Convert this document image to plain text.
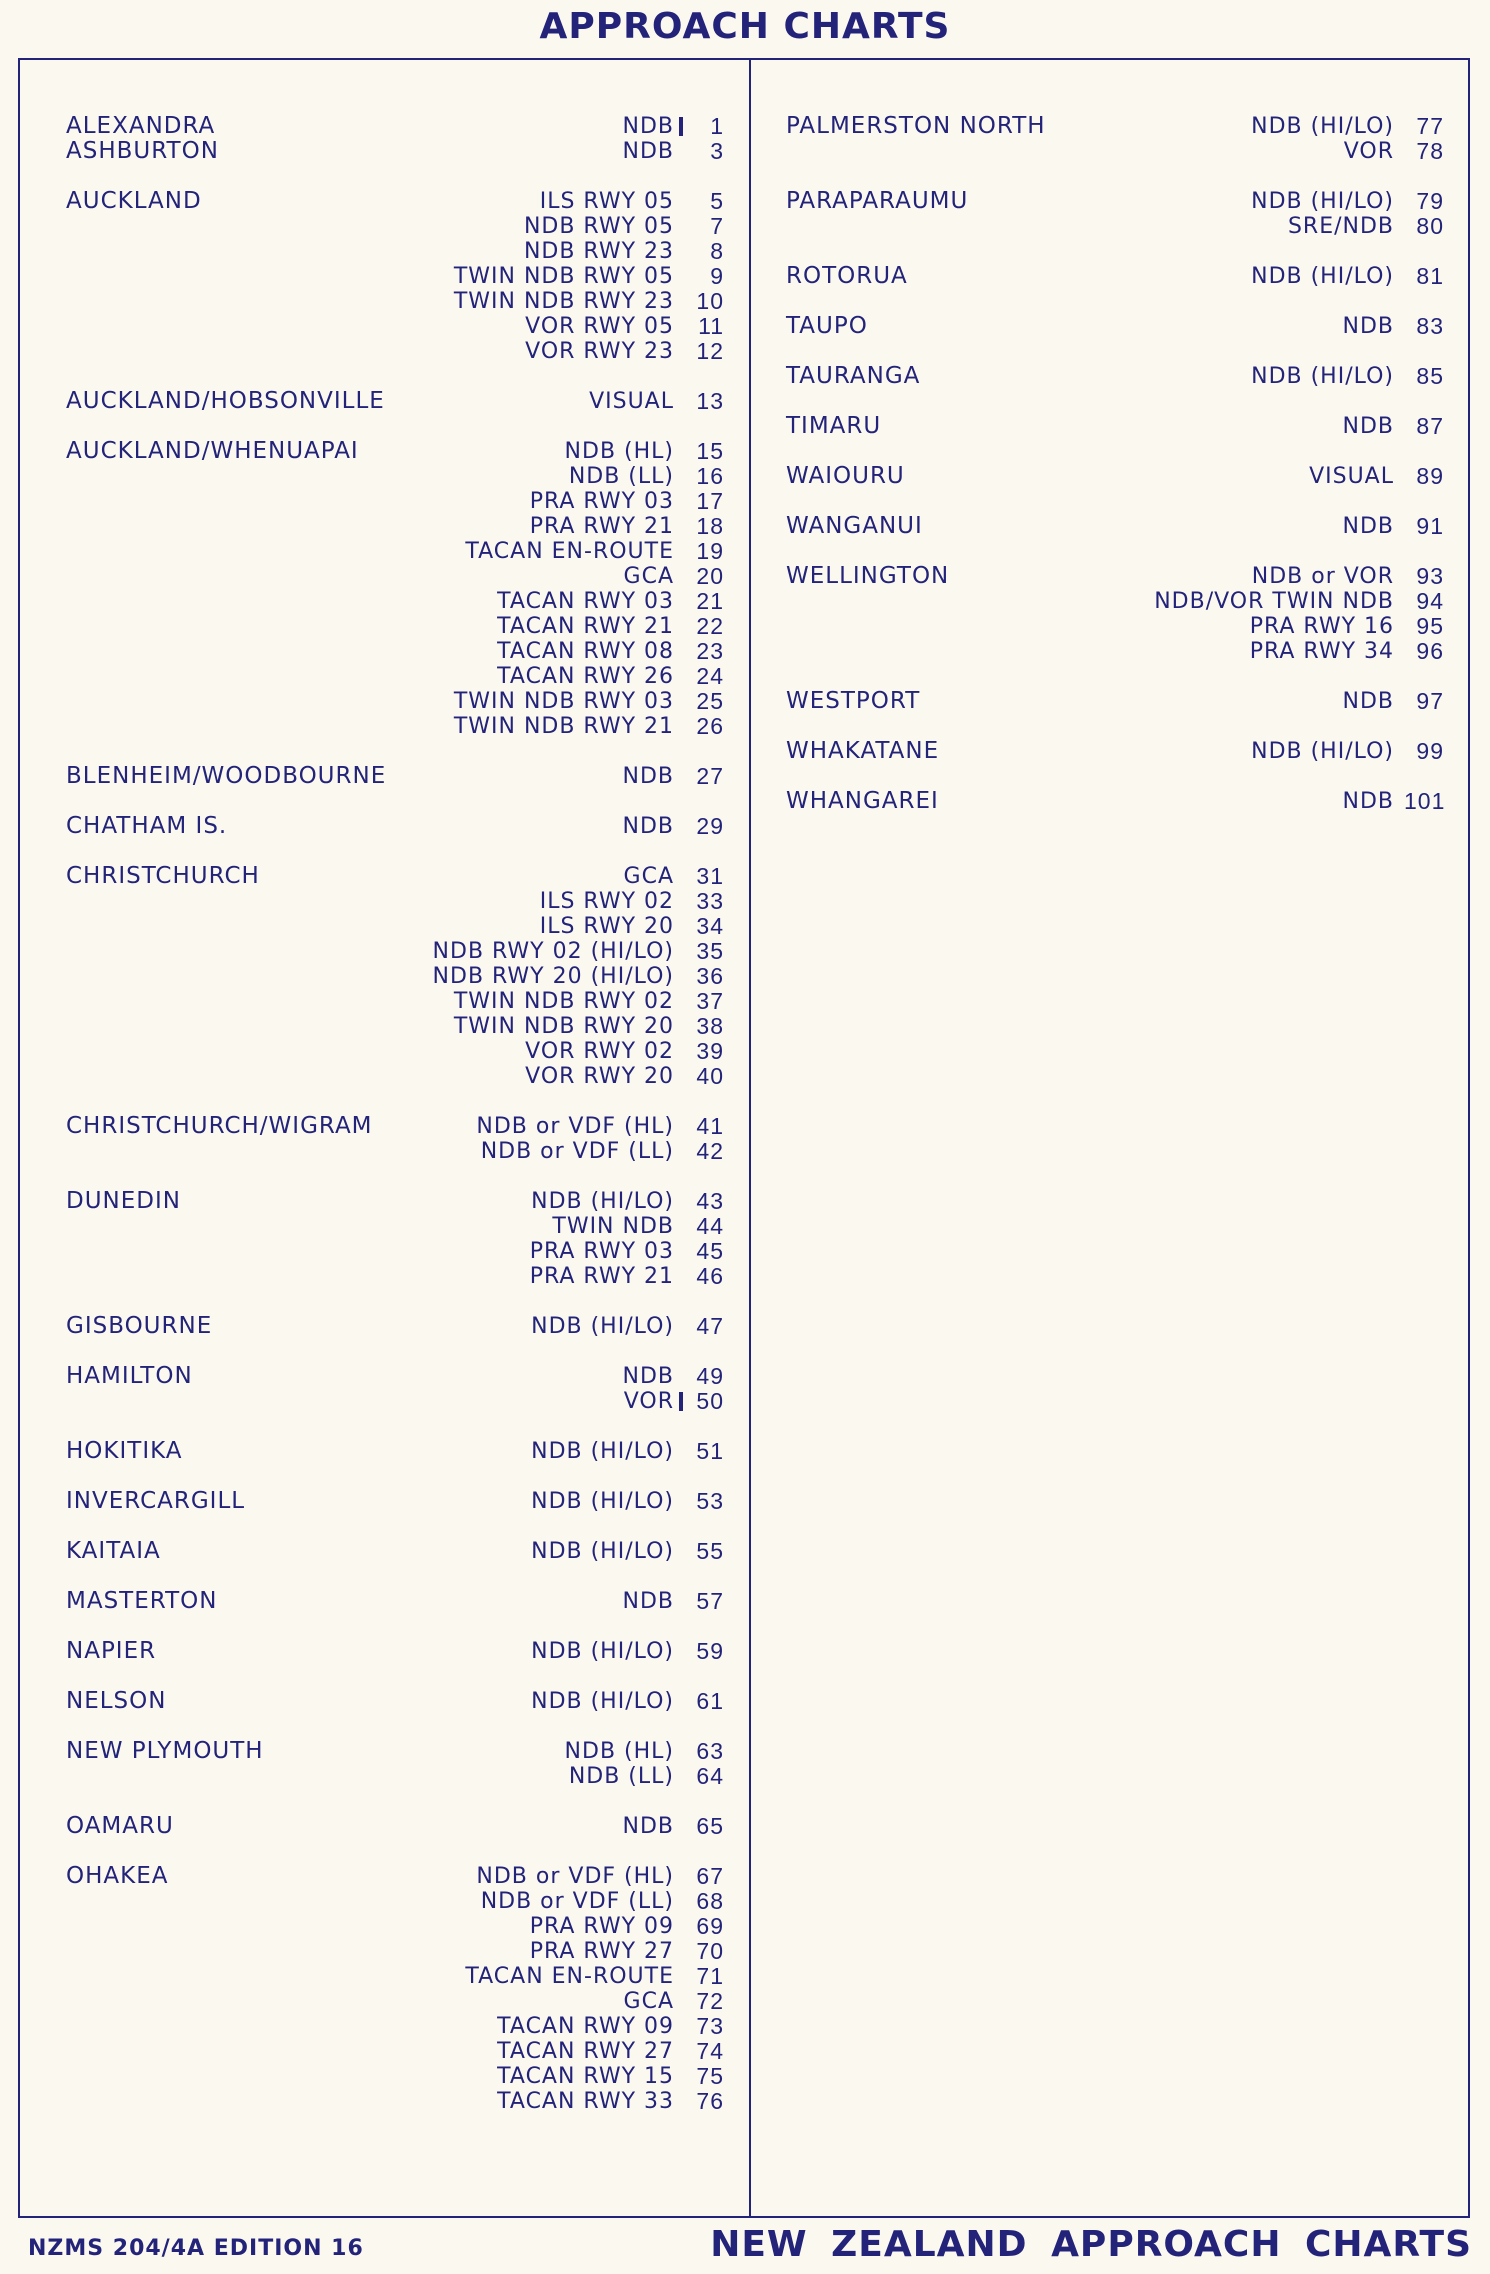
APPROACH CHARTS
ALEXANDRA	NDB	1
ASHBURTON	NDB	3
AUCKLAND	ILS RWY 05	5
NDB RWY 05	7
NDB RWY 23	8
TWIN NDB RWY 05	9
TWIN NDB RWY 23 10
VOR RWY 05	11
VOR RWY 23 12
AUCKLAND/HOBSONVILLE	VISUAL 13
AUCKLAND/WHENUAPAI	NDB (HL) 15
NDB (LL) 16
PRA RWY 03 17
PRA RWY 21 18
TACAN EN-ROUTE 19
GCA 20
TACAN RWY 03 21
TACAN RWY 21 22
TACAN RWY 08 23
TACAN RWY 26 24
TWIN NDB RWY 03 25
TWIN NDB RWY 21 26
BLENHEIM/WOODBOURNE	NDB 27
CHATHAM IS.	NDB 29
CHRISTCHURCH	GCA 31
ILS RWY 02 33
ILS RWY 20 34
NDB RWY 02 (HI/LO) 35
NDB RWY 20 (HI/LO) 36
TWIN NDB RWY 02 37
TWIN NDB RWY 20 38
VOR RWY 02 39
VOR RWY 20 40
CHRISTCHURCH/WIGRAM	NDB or VDF (HL) 41
NDB or VDF (LL) 42
DUNEDIN	NDB (HI/LO) 43
TWIN NDB 44
PRA RWY 03 45
PRA RWY 21 46
GISBOURNE	NDB (HI/LO) 47
HAMILTON	NDB 49
VOR 50
HOKITIKA	NDB (HI/LO) 51
INVERCARGILL	NDB (HI/LO) 53
KAITAIA	NDB (HI/LO) 55
MASTERTON	NDB 57
NAPIER	NDB (HI/LO) 59
NELSON	NDB (HI/LO) 61
NEW PLYMOUTH	NDB (HL) 63
NDB (LL) 64
OAMARU	NDB 65
OHAKEA	NDB or VDF (HL) 67
NDB or VDF (LL) 68
PRA RWY 09 69
PRA RWY 27 70
TACAN EN-ROUTE 71
GCA 72
TACAN RWY 09 73
TACAN RWY 27 74
TACAN RWY 15 75
TACAN RWY 33 76
PALMERSTON NORTH	NDB (HI/LO) 77
VOR 78
PARAPARAUMU	NDB (HI/LO) 79
SRE/NDB 80
ROTORUA	NDB (HI/LO) 81
TAUPO	NDB 83
TAURANGA	NDB (HI/LO) 85
TIMARU	NDB 87
WAIOURU	VISUAL 89
WANGANUI	NDB 91
WELLINGTON	NDB or VOR 93
NDB/VOR TWIN NDB 94
PRA RWY 16 95
PRA RWY 34 96
WESTPORT	NDB 97
WHAKATANE	NDB (HI/LO) 99
WHANGAREI	NDB 101
NZMS 204/4A EDITION 16	NEW ZEALAND APPROACH CHARTS
